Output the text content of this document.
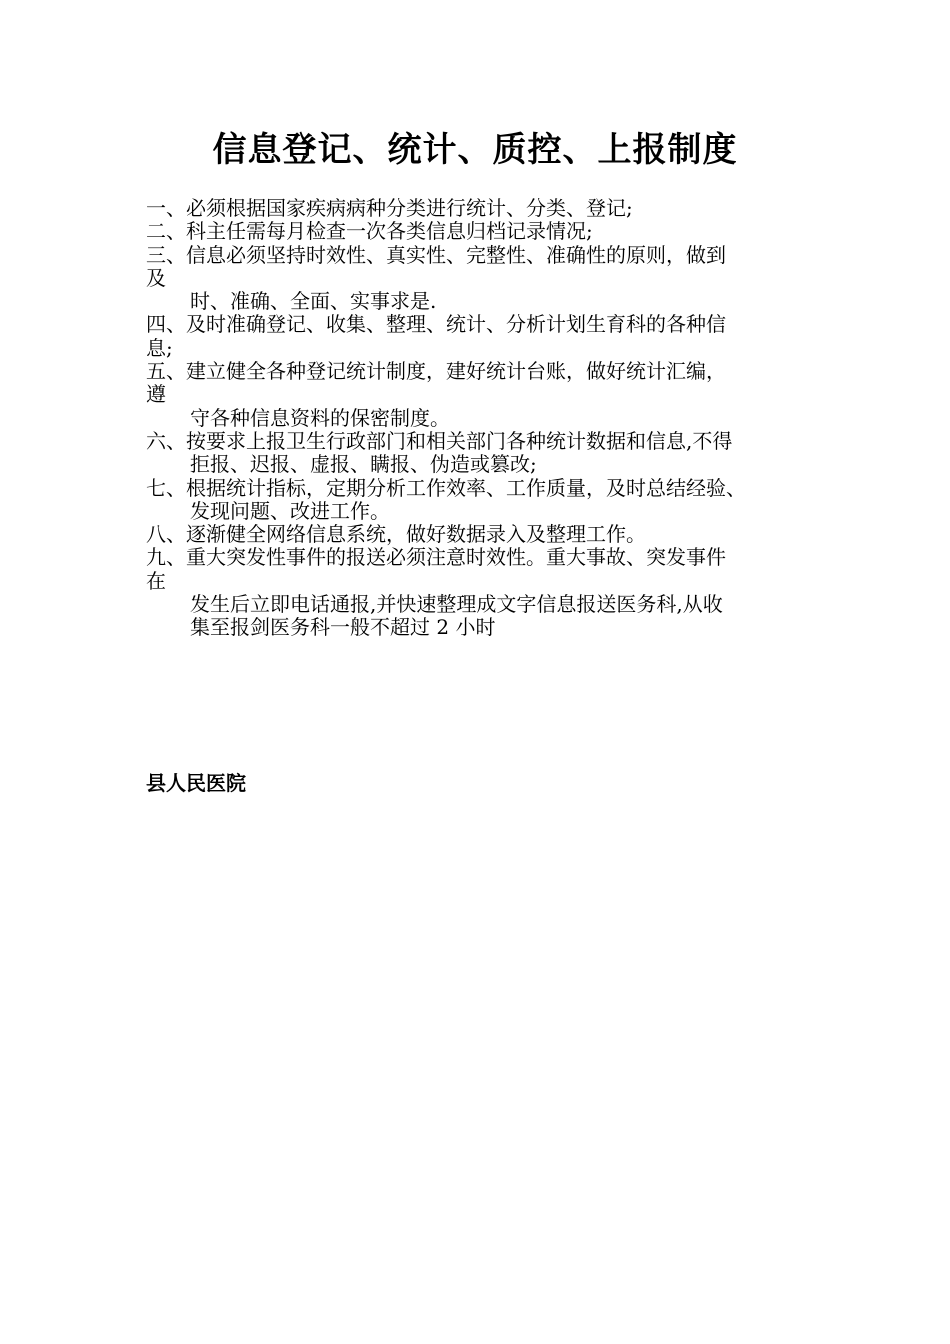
信息登记、统计、质控、上报制度
一、必须根据国家疾病病种分类进行统计、分类、登记;
二、科主任需每月检查一次各类信息归档记录情况;
三、信息必须坚持时效性、真实性、完整性、准确性的原则，做到
及
时、准确、全面、实事求是.
四、及时准确登记、收集、整理、统计、分析计划生育科的各种信
息;
五、建立健全各种登记统计制度，建好统计台账，做好统计汇编，
遵
守各种信息资料的保密制度。
六、按要求上报卫生行政部门和相关部门各种统计数据和信息,不得
拒报、迟报、虚报、瞒报、伪造或篡改;
七、根据统计指标，定期分析工作效率、工作质量，及时总结经验、
发现问题、改进工作。
八、逐渐健全网络信息系统，做好数据录入及整理工作。
九、重大突发性事件的报送必须注意时效性。重大事故、突发事件
在
发生后立即电话通报,并快速整理成文字信息报送医务科,从收
集至报剑医务科一般不超过 2 小时

县人民医院
